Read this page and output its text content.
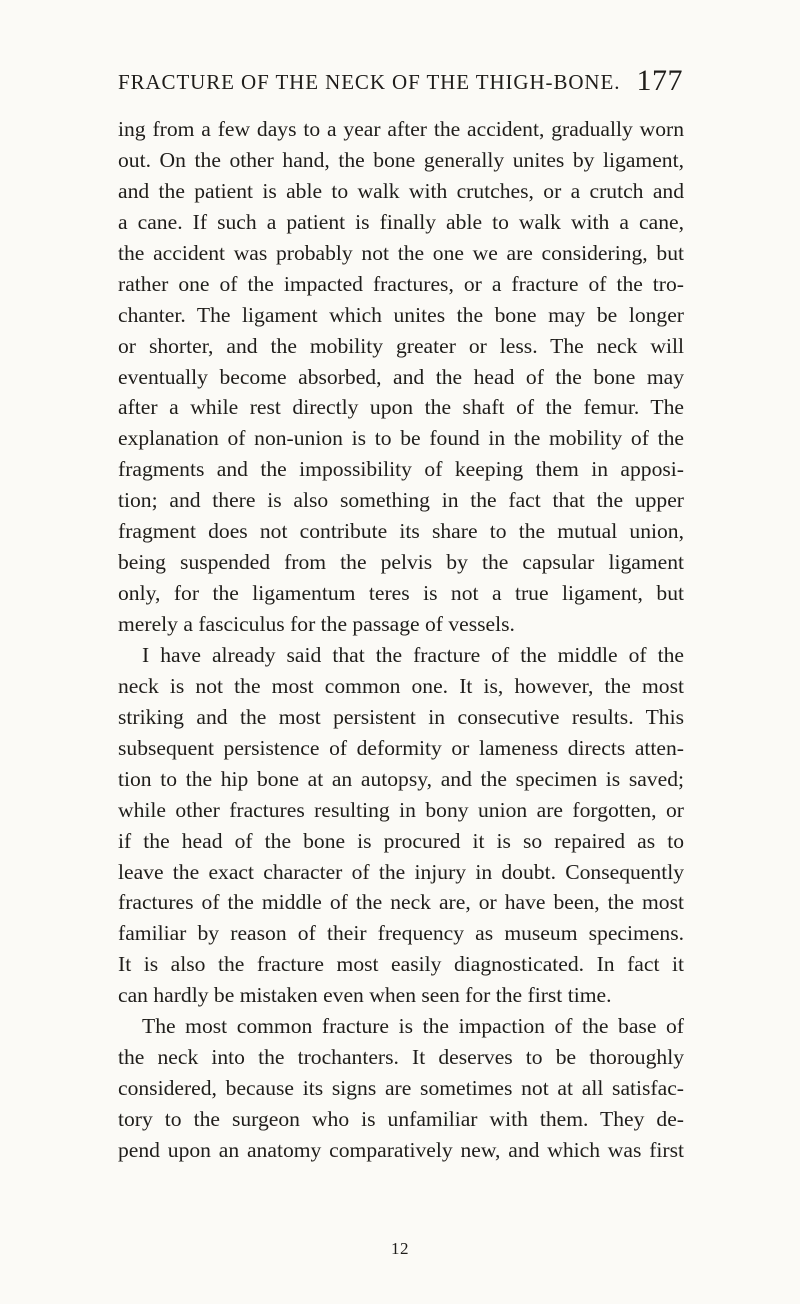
FRACTURE OF THE NECK OF THE THIGH-BONE. 177
ing from a few days to a year after the accident, gradually worn
out. On the other hand, the bone generally unites by ligament,
and the patient is able to walk with crutches, or a crutch and
a cane. If such a patient is finally able to walk with a cane,
the accident was probably not the one we are considering, but
rather one of the impacted fractures, or a fracture of the tro-
chanter. The ligament which unites the bone may be longer
or shorter, and the mobility greater or less. The neck will
eventually become absorbed, and the head of the bone may
after a while rest directly upon the shaft of the femur. The
explanation of non-union is to be found in the mobility of the
fragments and the impossibility of keeping them in apposi-
tion; and there is also something in the fact that the upper
fragment does not contribute its share to the mutual union,
being suspended from the pelvis by the capsular ligament
only, for the ligamentum teres is not a true ligament, but
merely a fasciculus for the passage of vessels.
I have already said that the fracture of the middle of the
neck is not the most common one. It is, however, the most
striking and the most persistent in consecutive results. This
subsequent persistence of deformity or lameness directs atten-
tion to the hip bone at an autopsy, and the specimen is saved;
while other fractures resulting in bony union are forgotten, or
if the head of the bone is procured it is so repaired as to
leave the exact character of the injury in doubt. Consequently
fractures of the middle of the neck are, or have been, the most
familiar by reason of their frequency as museum specimens.
It is also the fracture most easily diagnosticated. In fact it
can hardly be mistaken even when seen for the first time.
The most common fracture is the impaction of the base of
the neck into the trochanters. It deserves to be thoroughly
considered, because its signs are sometimes not at all satisfac-
tory to the surgeon who is unfamiliar with them. They de-
pend upon an anatomy comparatively new, and which was first
12
